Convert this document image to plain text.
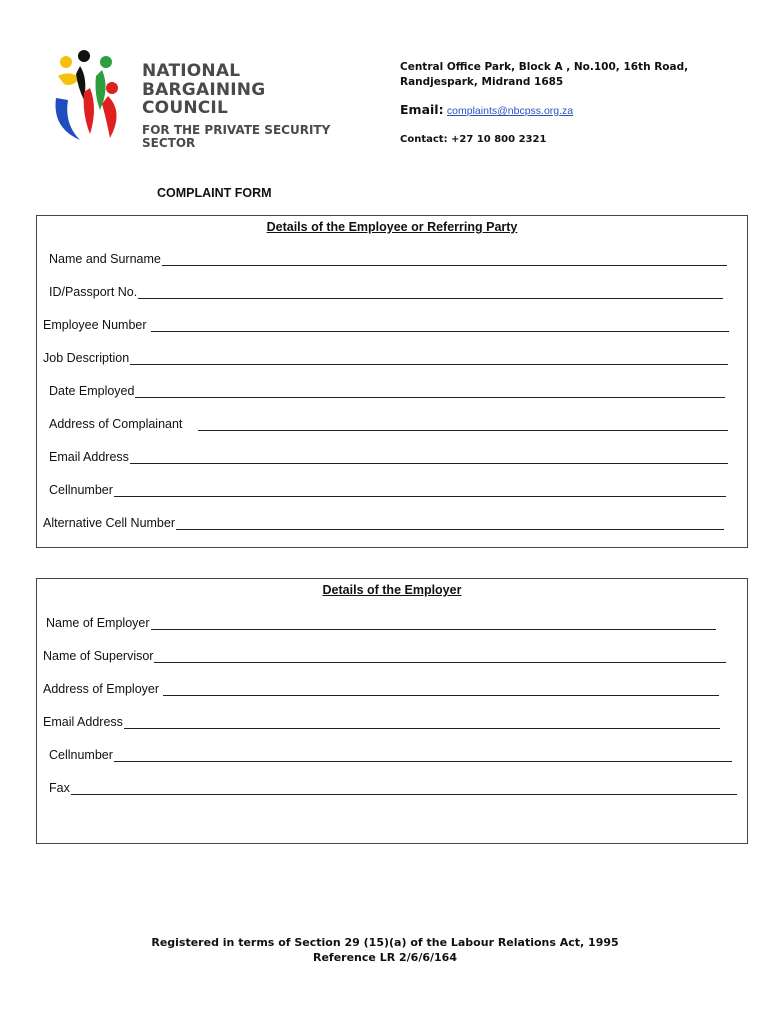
NATIONAL BARGAINING
COUNCIL
FOR THE PRIVATE SECURITY SECTOR
Central Office Park, Block A , No.100, 16th Road,
Randjespark, Midrand 1685
Email: complaints@nbcpss.org.za
Contact: +27 10 800 2321
COMPLAINT FORM
Details of the Employee or Referring Party
Name and Surname
ID/Passport No.
Employee Number
Job Description
Date Employed
Address of Complainant
Email Address
Cellnumber
Alternative Cell Number
Details of the Employer
Name of Employer
Name of Supervisor
Address of Employer
Email Address
Cellnumber
Fax
Registered in terms of Section 29 (15)(a) of the Labour Relations Act, 1995
Reference LR 2/6/6/164
